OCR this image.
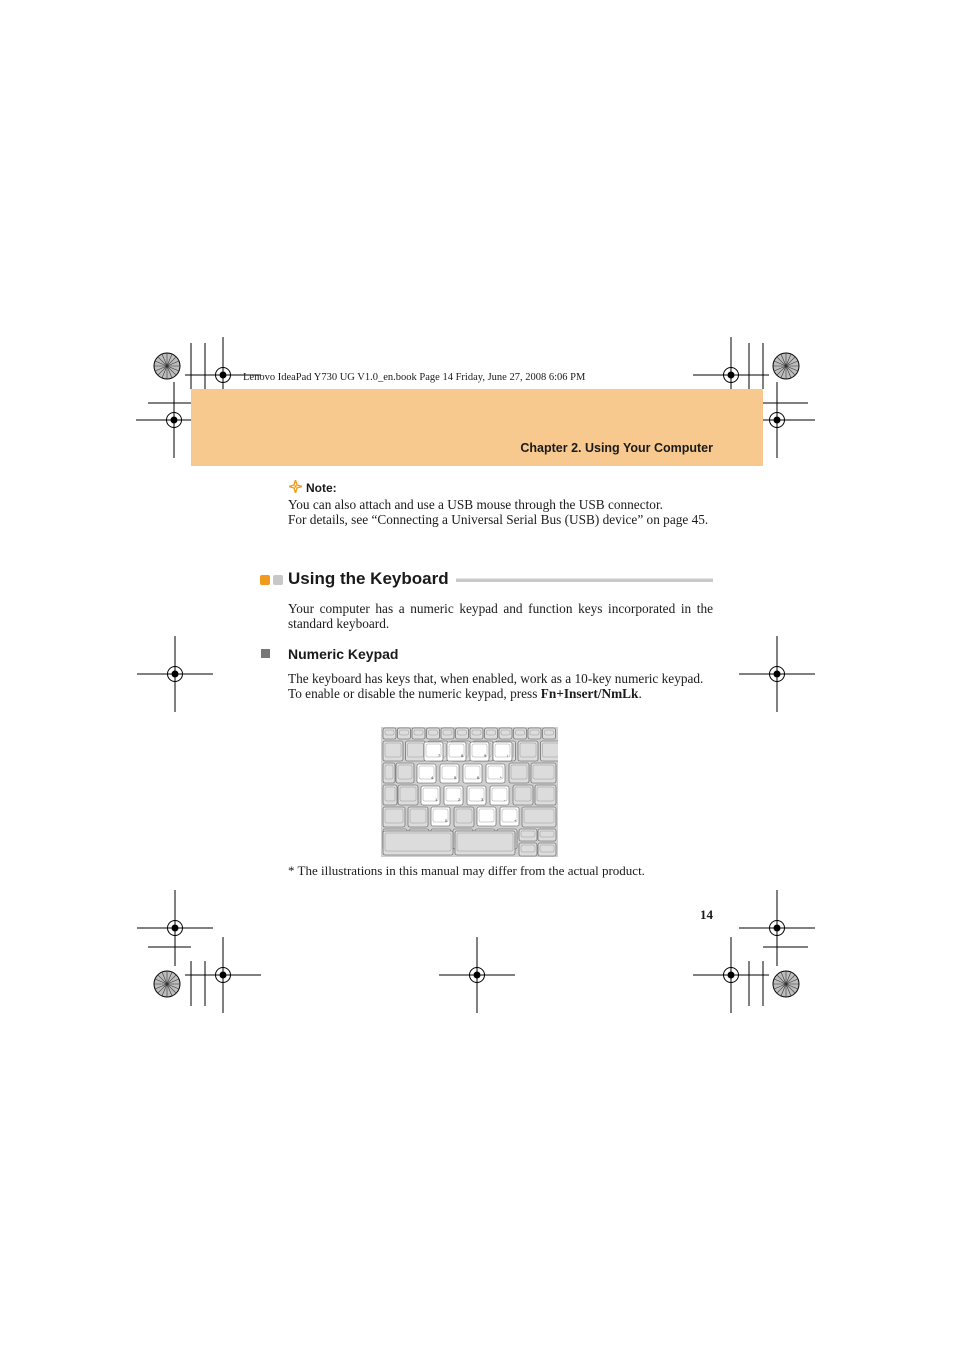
Lenovo IdeaPad Y730 UG V1.0_en.book Page 14 Friday, June 27, 2008 6:06 PM
Chapter 2. Using Your Computer
Note:

You can also attach and use a USB mouse through the USB connector.

For details, see “Connecting a Universal Serial Bus (USB) device” on page 45.

Using the Keyboard
Your computer has a numeric keypad and function keys incorporated in the standard keyboard.
Numeric Keypad

The keyboard has keys that, when enabled, work as a 10-key numeric keypad.

To enable or disable the numeric keypad, press Fn+Insert/NmLk.

7	8	9	/
4	5	6	*
1	2	3	-
0	.	+
* The illustrations in this manual may differ from the actual product.
14
